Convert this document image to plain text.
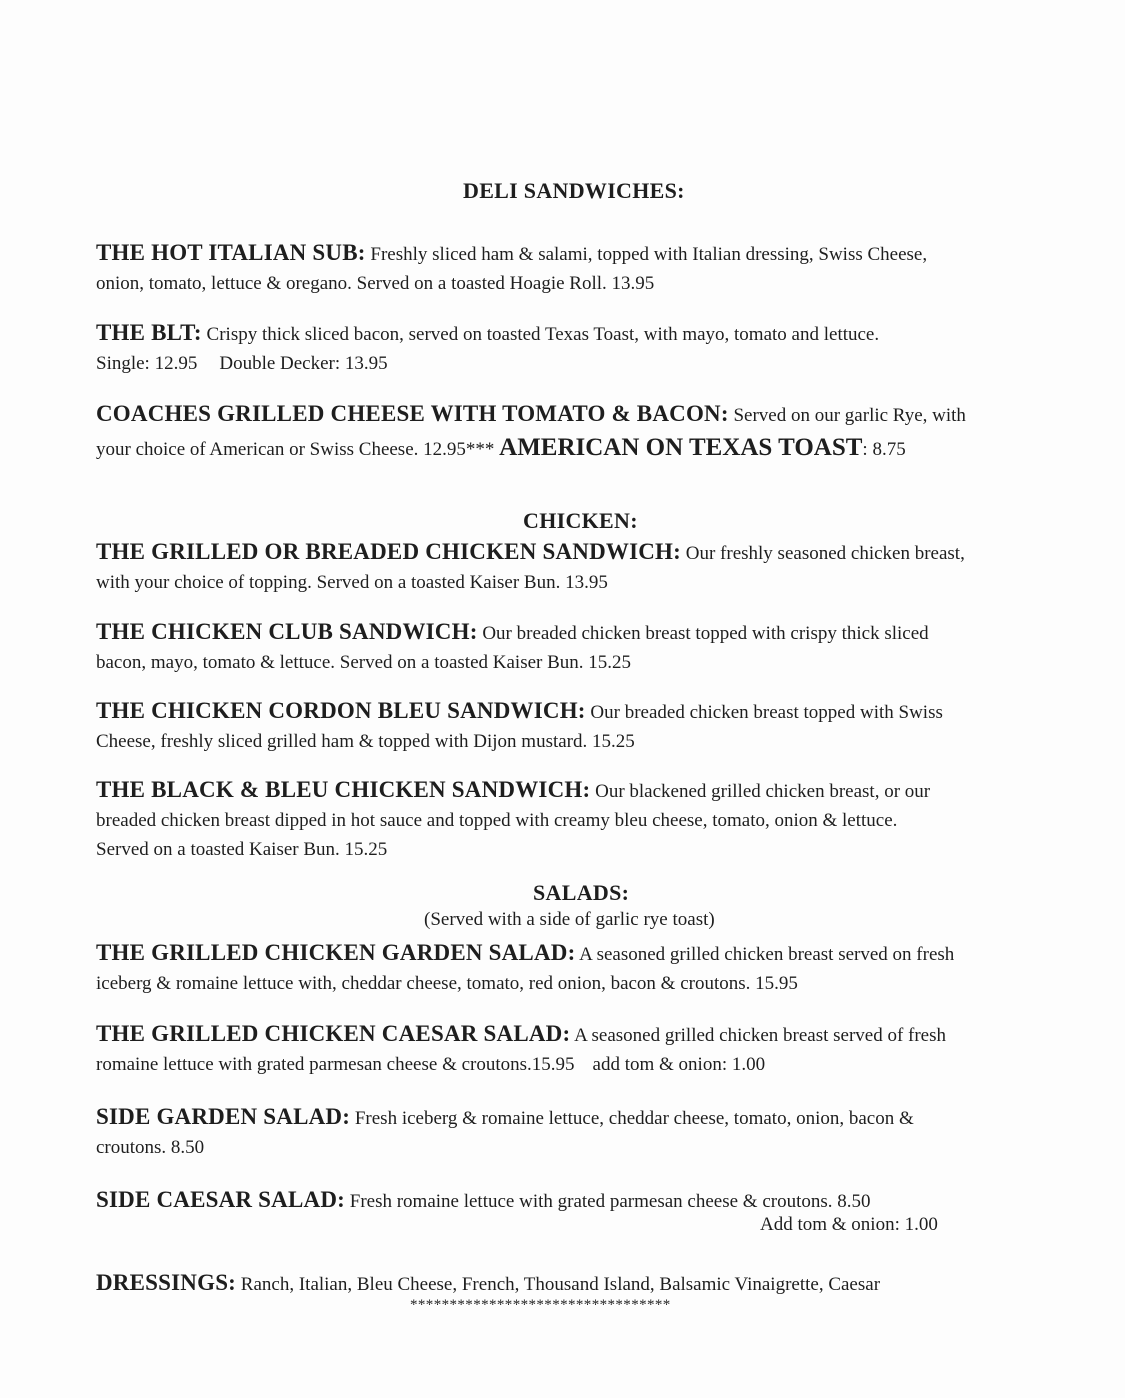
DELI SANDWICHES:
THE HOT ITALIAN SUB: Freshly sliced ham & salami, topped with Italian dressing, Swiss Cheese,
onion, tomato, lettuce & oregano. Served on a toasted Hoagie Roll. 13.95
THE BLT: Crispy thick sliced bacon, served on toasted Texas Toast, with mayo, tomato and lettuce.
Single: 12.95 Double Decker: 13.95
COACHES GRILLED CHEESE WITH TOMATO & BACON: Served on our garlic Rye, with
your choice of American or Swiss Cheese. 12.95*** AMERICAN ON TEXAS TOAST: 8.75
CHICKEN:
THE GRILLED OR BREADED CHICKEN SANDWICH: Our freshly seasoned chicken breast,
with your choice of topping. Served on a toasted Kaiser Bun. 13.95
THE CHICKEN CLUB SANDWICH: Our breaded chicken breast topped with crispy thick sliced
bacon, mayo, tomato & lettuce. Served on a toasted Kaiser Bun. 15.25
THE CHICKEN CORDON BLEU SANDWICH: Our breaded chicken breast topped with Swiss
Cheese, freshly sliced grilled ham & topped with Dijon mustard. 15.25
THE BLACK & BLEU CHICKEN SANDWICH: Our blackened grilled chicken breast, or our
breaded chicken breast dipped in hot sauce and topped with creamy bleu cheese, tomato, onion & lettuce.
Served on a toasted Kaiser Bun. 15.25
SALADS:
(Served with a side of garlic rye toast)
THE GRILLED CHICKEN GARDEN SALAD: A seasoned grilled chicken breast served on fresh
iceberg & romaine lettuce with, cheddar cheese, tomato, red onion, bacon & croutons. 15.95
THE GRILLED CHICKEN CAESAR SALAD: A seasoned grilled chicken breast served of fresh
romaine lettuce with grated parmesan cheese & croutons.15.95 add tom & onion: 1.00
SIDE GARDEN SALAD: Fresh iceberg & romaine lettuce, cheddar cheese, tomato, onion, bacon &
croutons. 8.50
SIDE CAESAR SALAD: Fresh romaine lettuce with grated parmesan cheese & croutons. 8.50
Add tom & onion: 1.00
DRESSINGS: Ranch, Italian, Bleu Cheese, French, Thousand Island, Balsamic Vinaigrette, Caesar
*********************************
